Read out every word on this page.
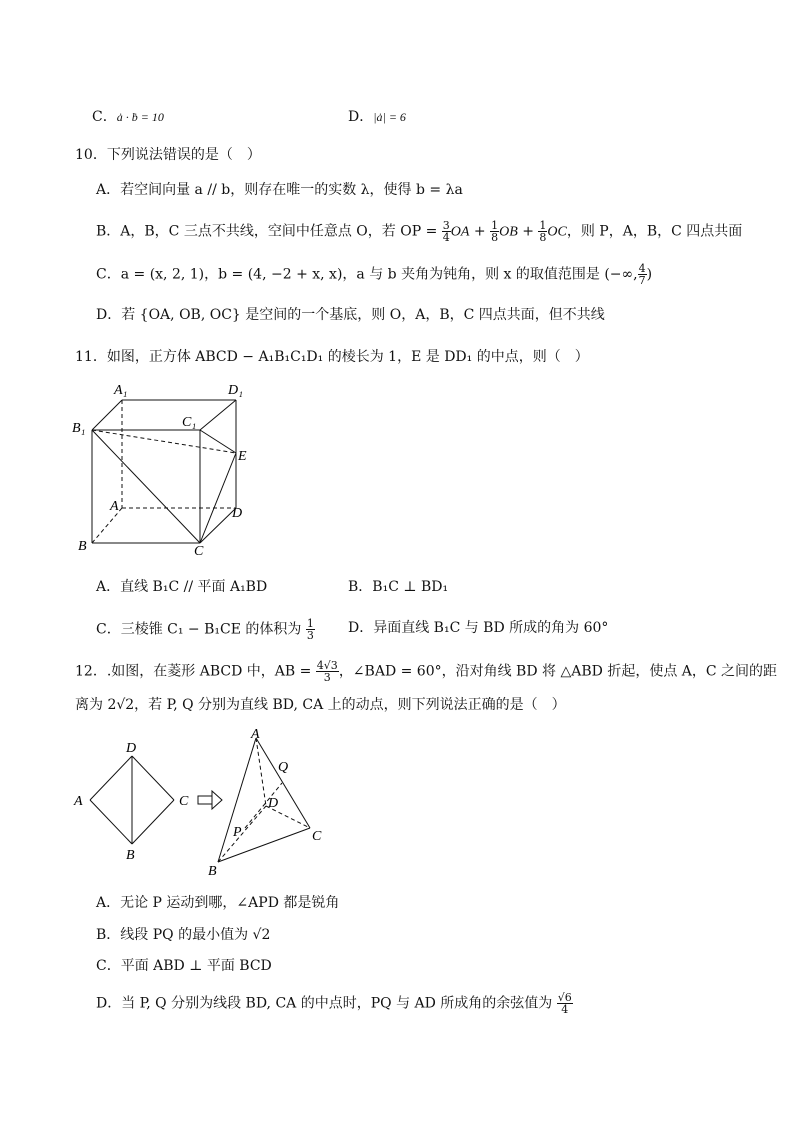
C．ȧ · ḃ = 10	D．|ȧ| = 6
10．下列说法错误的是（　）
A．若空间向量 a // b，则存在唯一的实数 λ，使得 b = λa
B．A，B，C 三点不共线，空间中任意点 O，若 OP = $\frac{3}{4}$ OA + $\frac{1}{8}$ OB + $\frac{1}{8}$ OC，则 P，A，B，C 四点共面
C．a = (x, 2, 1)，b = (4, −2 + x, x)，a 与 b 夹角为钝角，则 x 的取值范围是 (−∞, $\frac{4}{7}$ )
D．若 {OA, OB, OC} 是空间的一个基底，则 O，A，B，C 四点共面，但不共线
11．如图，正方体 ABCD − A₁B₁C₁D₁ 的棱长为 1，E 是 DD₁ 的中点，则（　）
A₁	D₁
B₁	C₁
E
A	D
B	C
A．直线 B₁C // 平面 A₁BD	B．B₁C ⊥ BD₁
C．三棱锥 C₁ − B₁CE 的体积为 $\frac{1}{3}$ D．异面直线 B₁C 与 BD 所成的角为 60°
12．.如图，在菱形 ABCD 中，AB = $\frac{4√3}{3}$ ，∠BAD = 60°，沿对角线 BD 将 △ABD 折起，使点 A，C 之间的距
离为 2√2，若 P, Q 分别为直线 BD, CA 上的动点，则下列说法正确的是（　）
D
A	C
B
A
Q
D
P	C
B
A．无论 P 运动到哪，∠APD 都是锐角
B．线段 PQ 的最小值为 √2
C．平面 ABD ⊥ 平面 BCD
D．当 P, Q 分别为线段 BD, CA 的中点时，PQ 与 AD 所成角的余弦值为 $\frac{√6}{4}$
